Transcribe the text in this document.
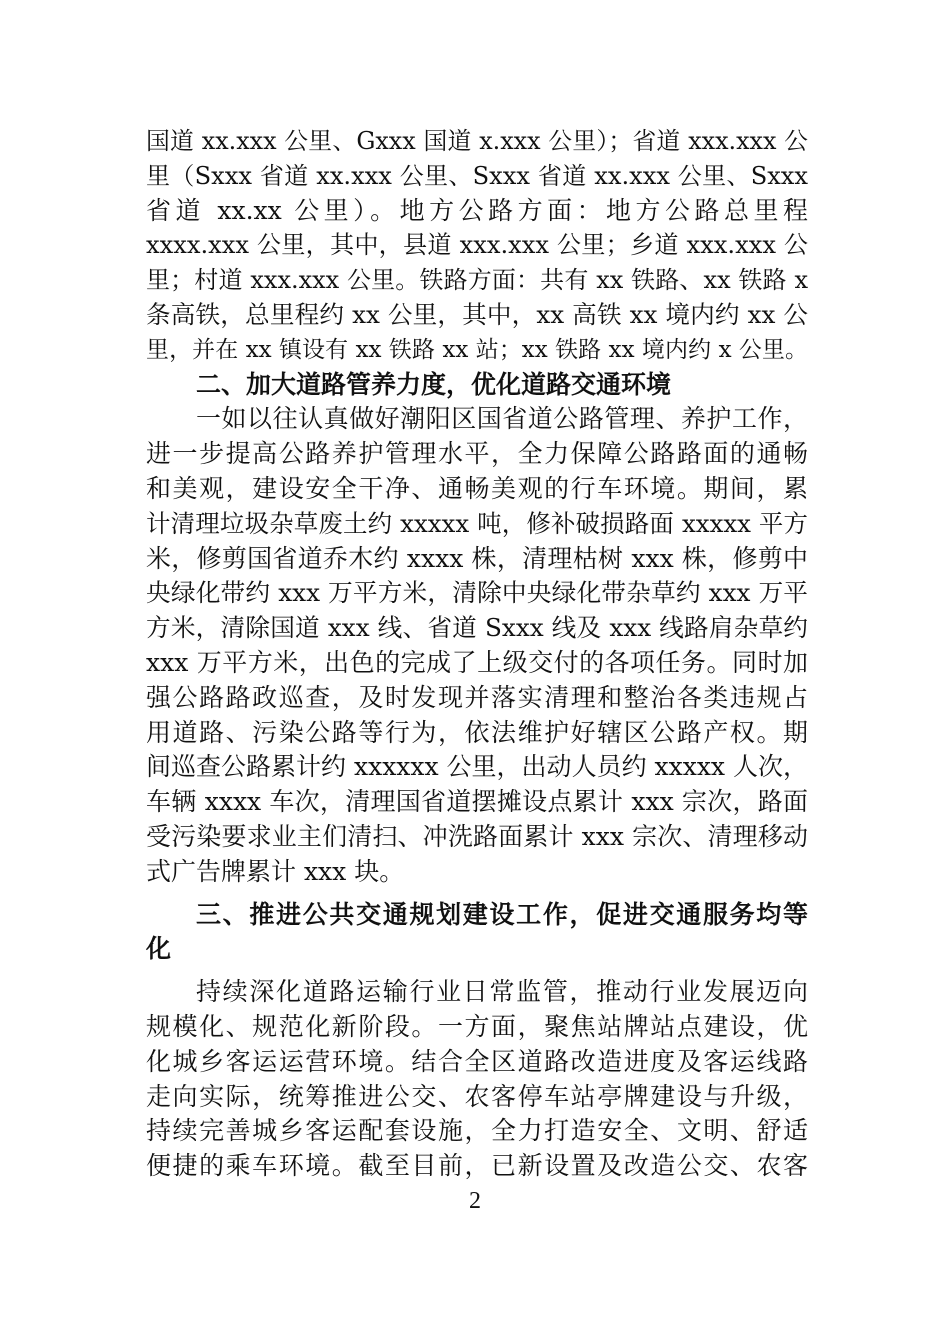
国道 xx.xxx 公里、Gxxx 国道 x.xxx 公里）；省道 xxx.xxx 公
里（Sxxx 省道 xx.xxx 公里、Sxxx 省道 xx.xxx 公里、Sxxx
省道 xx.xx 公里）。地方公路方面：地方公路总里程
xxxx.xxx 公里，其中，县道 xxx.xxx 公里；乡道 xxx.xxx 公
里；村道 xxx.xxx 公里。铁路方面：共有 xx 铁路、xx 铁路 x
条高铁，总里程约 xx 公里，其中，xx 高铁 xx 境内约 xx 公
里，并在 xx 镇设有 xx 铁路 xx 站；xx 铁路 xx 境内约 x 公里。
二、加大道路管养力度，优化道路交通环境
一如以往认真做好潮阳区国省道公路管理、养护工作，
进一步提高公路养护管理水平，全力保障公路路面的通畅
和美观，建设安全干净、通畅美观的行车环境。期间，累
计清理垃圾杂草废土约 xxxxx 吨，修补破损路面 xxxxx 平方
米，修剪国省道乔木约 xxxx 株，清理枯树 xxx 株，修剪中
央绿化带约 xxx 万平方米，清除中央绿化带杂草约 xxx 万平
方米，清除国道 xxx 线、省道 Sxxx 线及 xxx 线路肩杂草约
xxx 万平方米，出色的完成了上级交付的各项任务。同时加
强公路路政巡查，及时发现并落实清理和整治各类违规占
用道路、污染公路等行为，依法维护好辖区公路产权。期
间巡查公路累计约 xxxxxx 公里，出动人员约 xxxxx 人次，
车辆 xxxx 车次，清理国省道摆摊设点累计 xxx 宗次，路面
受污染要求业主们清扫、冲洗路面累计 xxx 宗次、清理移动
式广告牌累计 xxx 块。
三、推进公共交通规划建设工作，促进交通服务均等
化
持续深化道路运输行业日常监管，推动行业发展迈向
规模化、规范化新阶段。一方面，聚焦站牌站点建设，优
化城乡客运运营环境。结合全区道路改造进度及客运线路
走向实际，统筹推进公交、农客停车站亭牌建设与升级，
持续完善城乡客运配套设施，全力打造安全、文明、舒适
便捷的乘车环境。截至目前，已新设置及改造公交、农客
2
